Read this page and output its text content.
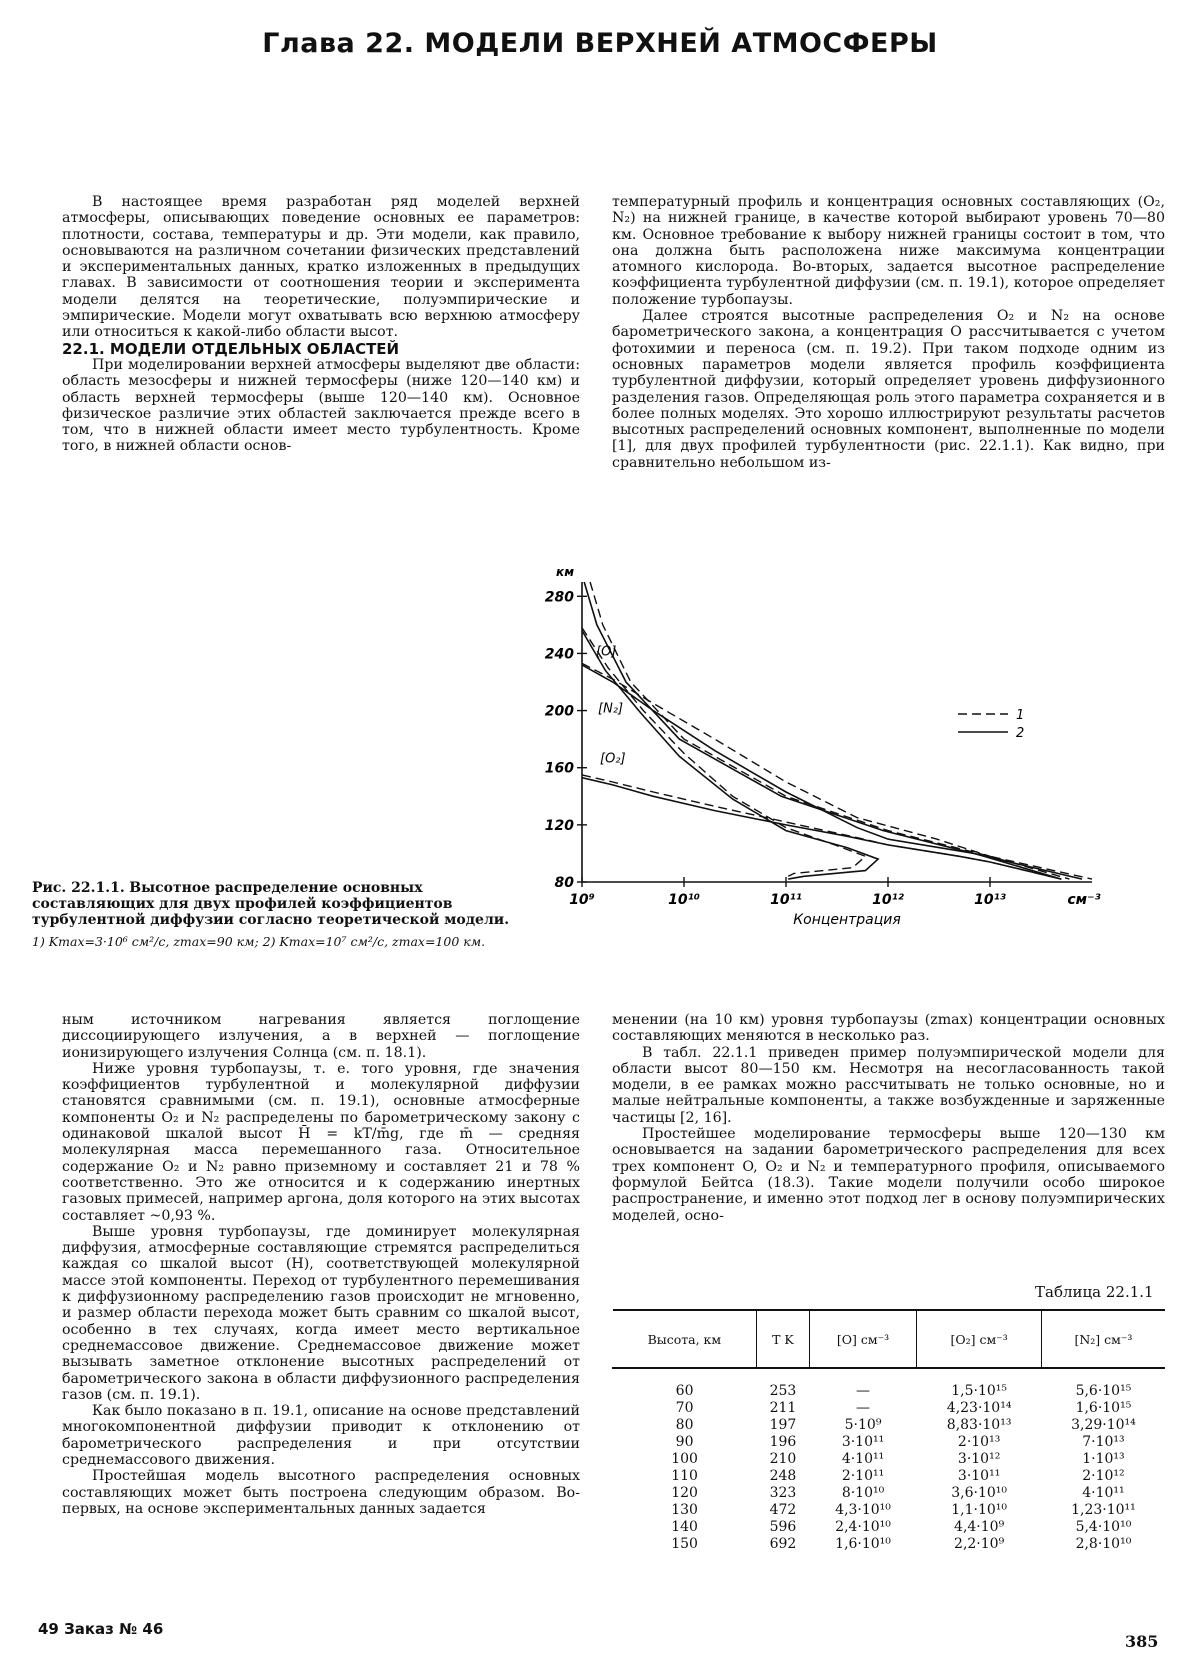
Глава 22. МОДЕЛИ ВЕРХНЕЙ АТМОСФЕРЫ

В настоящее время разработан ряд моделей верхней атмосферы, описывающих поведение основных ее параметров: плотности, состава, температуры и др. Эти модели, как правило, основываются на различном сочетании физических представлений и экспериментальных данных, кратко изложенных в предыдущих главах. В зависимости от соотношения теории и эксперимента модели делятся на теоретические, полуэмпирические и эмпирические. Модели могут охватывать всю верхнюю атмосферу или относиться к какой-либо области высот.

22.1. МОДЕЛИ ОТДЕЛЬНЫХ ОБЛАСТЕЙ

При моделировании верхней атмосферы выделяют две области: область мезосферы и нижней термосферы (ниже 120—140 км) и область верхней термосферы (выше 120—140 км). Основное физическое различие этих областей заключается прежде всего в том, что в нижней области имеет место турбулентность. Кроме того, в нижней области основ-

температурный профиль и концентрация основных составляющих (O₂, N₂) на нижней границе, в качестве которой выбирают уровень 70—80 км. Основное требование к выбору нижней границы состоит в том, что она должна быть расположена ниже максимума концентрации атомного кислорода. Во-вторых, задается высотное распределение коэффициента турбулентной диффузии (см. п. 19.1), которое определяет положение турбопаузы.

Далее строятся высотные распределения O₂ и N₂ на основе барометрического закона, а концентрация O рассчитывается с учетом фотохимии и переноса (см. п. 19.2). При таком подходе одним из основных параметров модели является профиль коэффициента турбулентной диффузии, который определяет уровень диффузионного разделения газов. Определяющая роль этого параметра сохраняется и в более полных моделях. Это хорошо иллюстрируют результаты расчетов высотных распределений основных компонент, выполненные по модели [1], для двух профилей турбулентности (рис. 22.1.1). Как видно, при сравнительно небольшом из-

80
120
160
200
240
280
км
10⁹	10¹⁰	10¹¹	10¹²	10¹³	см⁻³
Концентрация
[O]
[N₂]
[O₂]
1
2
Рис. 22.1.1. Высотное распределение основных составляющих для двух профилей коэффициентов турбулентной диффузии согласно теоретической модели.
1) Kmax=3·10⁶ см²/с, zmax=90 км; 2) Kmax=10⁷ см²/с, zmax=100 км.

ным источником нагревания является поглощение диссоциирующего излучения, а в верхней — поглощение ионизирующего излучения Солнца (см. п. 18.1).

Ниже уровня турбопаузы, т. е. того уровня, где значения коэффициентов турбулентной и молекулярной диффузии становятся сравнимыми (см. п. 19.1), основные атмосферные компоненты O₂ и N₂ распределены по барометрическому закону с одинаковой шкалой высот H̄ = kT/m̄g, где m̄ — средняя молекулярная масса перемешанного газа. Относительное содержание O₂ и N₂ равно приземному и составляет 21 и 78 % соответственно. Это же относится и к содержанию инертных газовых примесей, например аргона, доля которого на этих высотах составляет ~0,93 %.

Выше уровня турбопаузы, где доминирует молекулярная диффузия, атмосферные составляющие стремятся распределиться каждая со шкалой высот (H), соответствующей молекулярной массе этой компоненты. Переход от турбулентного перемешивания к диффузионному распределению газов происходит не мгновенно, и размер области перехода может быть сравним со шкалой высот, особенно в тех случаях, когда имеет место вертикальное среднемассовое движение. Среднемассовое движение может вызывать заметное отклонение высотных распределений от барометрического закона в области диффузионного распределения газов (см. п. 19.1).

Как было показано в п. 19.1, описание на основе представлений многокомпонентной диффузии приводит к отклонению от барометрического распределения и при отсутствии среднемассового движения.

Простейшая модель высотного распределения основных составляющих может быть построена следующим образом. Во-первых, на основе экспериментальных данных задается

менении (на 10 км) уровня турбопаузы (zmax) концентрации основных составляющих меняются в несколько раз.

В табл. 22.1.1 приведен пример полуэмпирической модели для области высот 80—150 км. Несмотря на несогласованность такой модели, в ее рамках можно рассчитывать не только основные, но и малые нейтральные компоненты, а также возбужденные и заряженные частицы [2, 16].

Простейшее моделирование термосферы выше 120—130 км основывается на задании барометрического распределения для всех трех компонент O, O₂ и N₂ и температурного профиля, описываемого формулой Бейтса (18.3). Такие модели получили особо широкое распространение, и именно этот подход лег в основу полуэмпирических моделей, осно-

Таблица 22.1.1
Высота, км	T K	[O] см⁻³	[O₂] см⁻³	[N₂] см⁻³
60	253	—	1,5·10¹⁵	5,6·10¹⁵
70	211	—	4,23·10¹⁴	1,6·10¹⁵
80	197	5·10⁹	8,83·10¹³	3,29·10¹⁴
90	196	3·10¹¹	2·10¹³	7·10¹³
100	210	4·10¹¹	3·10¹²	1·10¹³
110	248	2·10¹¹	3·10¹¹	2·10¹²
120	323	8·10¹⁰	3,6·10¹⁰	4·10¹¹
130	472	4,3·10¹⁰	1,1·10¹⁰	1,23·10¹¹
140	596	2,4·10¹⁰	4,4·10⁹	5,4·10¹⁰
150	692	1,6·10¹⁰	2,2·10⁹	2,8·10¹⁰
49 Заказ № 46
385
